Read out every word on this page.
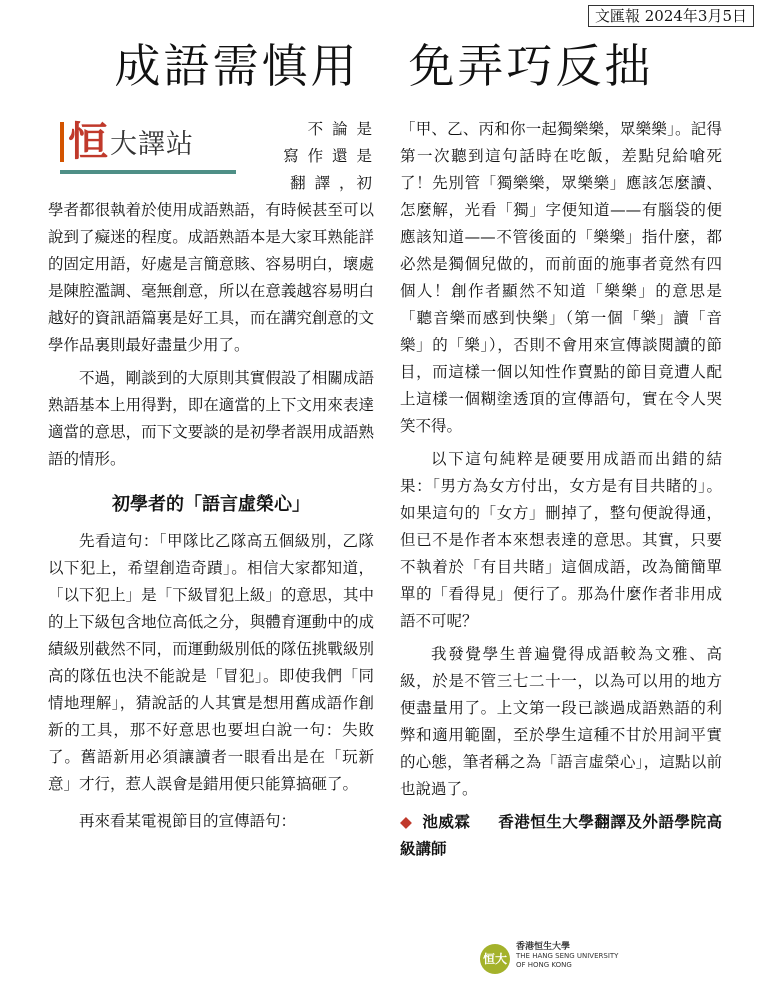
文匯報 2024年3月5日
成語需慎用　免弄巧反拙
恒 大譯站	不 論 是
寫 作 還 是
翻 譯 ，初

學者都很執着於使用成語熟語，有時候甚至可以說到了癡迷的程度。成語熟語本是大家耳熟能詳的固定用語，好處是言簡意賅、容易明白，壞處是陳腔濫調、毫無創意，所以在意義越容易明白越好的資訊語篇裏是好工具，而在講究創意的文學作品裏則最好盡量少用了。

不過，剛談到的大原則其實假設了相關成語熟語基本上用得對，即在適當的上下文用來表達適當的意思，而下文要談的是初學者誤用成語熟語的情形。

初學者的「語言虛榮心」

先看這句：「甲隊比乙隊高五個級別，乙隊以下犯上，希望創造奇蹟」。相信大家都知道，「以下犯上」是「下級冒犯上級」的意思，其中的上下級包含地位高低之分，與體育運動中的成績級別截然不同，而運動級別低的隊伍挑戰級別高的隊伍也決不能說是「冒犯」。即使我們「同情地理解」，猜說話的人其實是想用舊成語作創新的工具，那不好意思也要坦白說一句：失敗了。舊語新用必須讓讀者一眼看出是在「玩新意」才行，惹人誤會是錯用便只能算搞砸了。

再來看某電視節目的宣傳語句：

「甲、乙、丙和你一起獨樂樂，眾樂樂」。記得第一次聽到這句話時在吃飯，差點兒給嗆死了！先別管「獨樂樂，眾樂樂」應該怎麼讀、怎麼解，光看「獨」字便知道——有腦袋的便應該知道——不管後面的「樂樂」指什麼，都必然是獨個兒做的，而前面的施事者竟然有四個人！創作者顯然不知道「樂樂」的意思是「聽音樂而感到快樂」（第一個「樂」讀「音樂」的「樂」），否則不會用來宣傳談閱讀的節目，而這樣一個以知性作賣點的節目竟遭人配上這樣一個糊塗透頂的宣傳語句，實在令人哭笑不得。

以下這句純粹是硬要用成語而出錯的結果：「男方為女方付出，女方是有目共睹的」。如果這句的「女方」刪掉了，整句便說得通，但已不是作者本來想表達的意思。其實，只要不執着於「有目共睹」這個成語，改為簡簡單單的「看得見」便行了。那為什麼作者非用成語不可呢？

我發覺學生普遍覺得成語較為文雅、高級，於是不管三七二十一，以為可以用的地方便盡量用了。上文第一段已談過成語熟語的利弊和適用範圍，至於學生這種不甘於用詞平實的心態，筆者稱之為「語言虛榮心」，這點以前也說過了。

◆ 池威霖 　 香港恒生大學翻譯及外語學院高級講師
恒大
香港恒生大學
THE HANG SENG UNIVERSITY
OF HONG KONG
